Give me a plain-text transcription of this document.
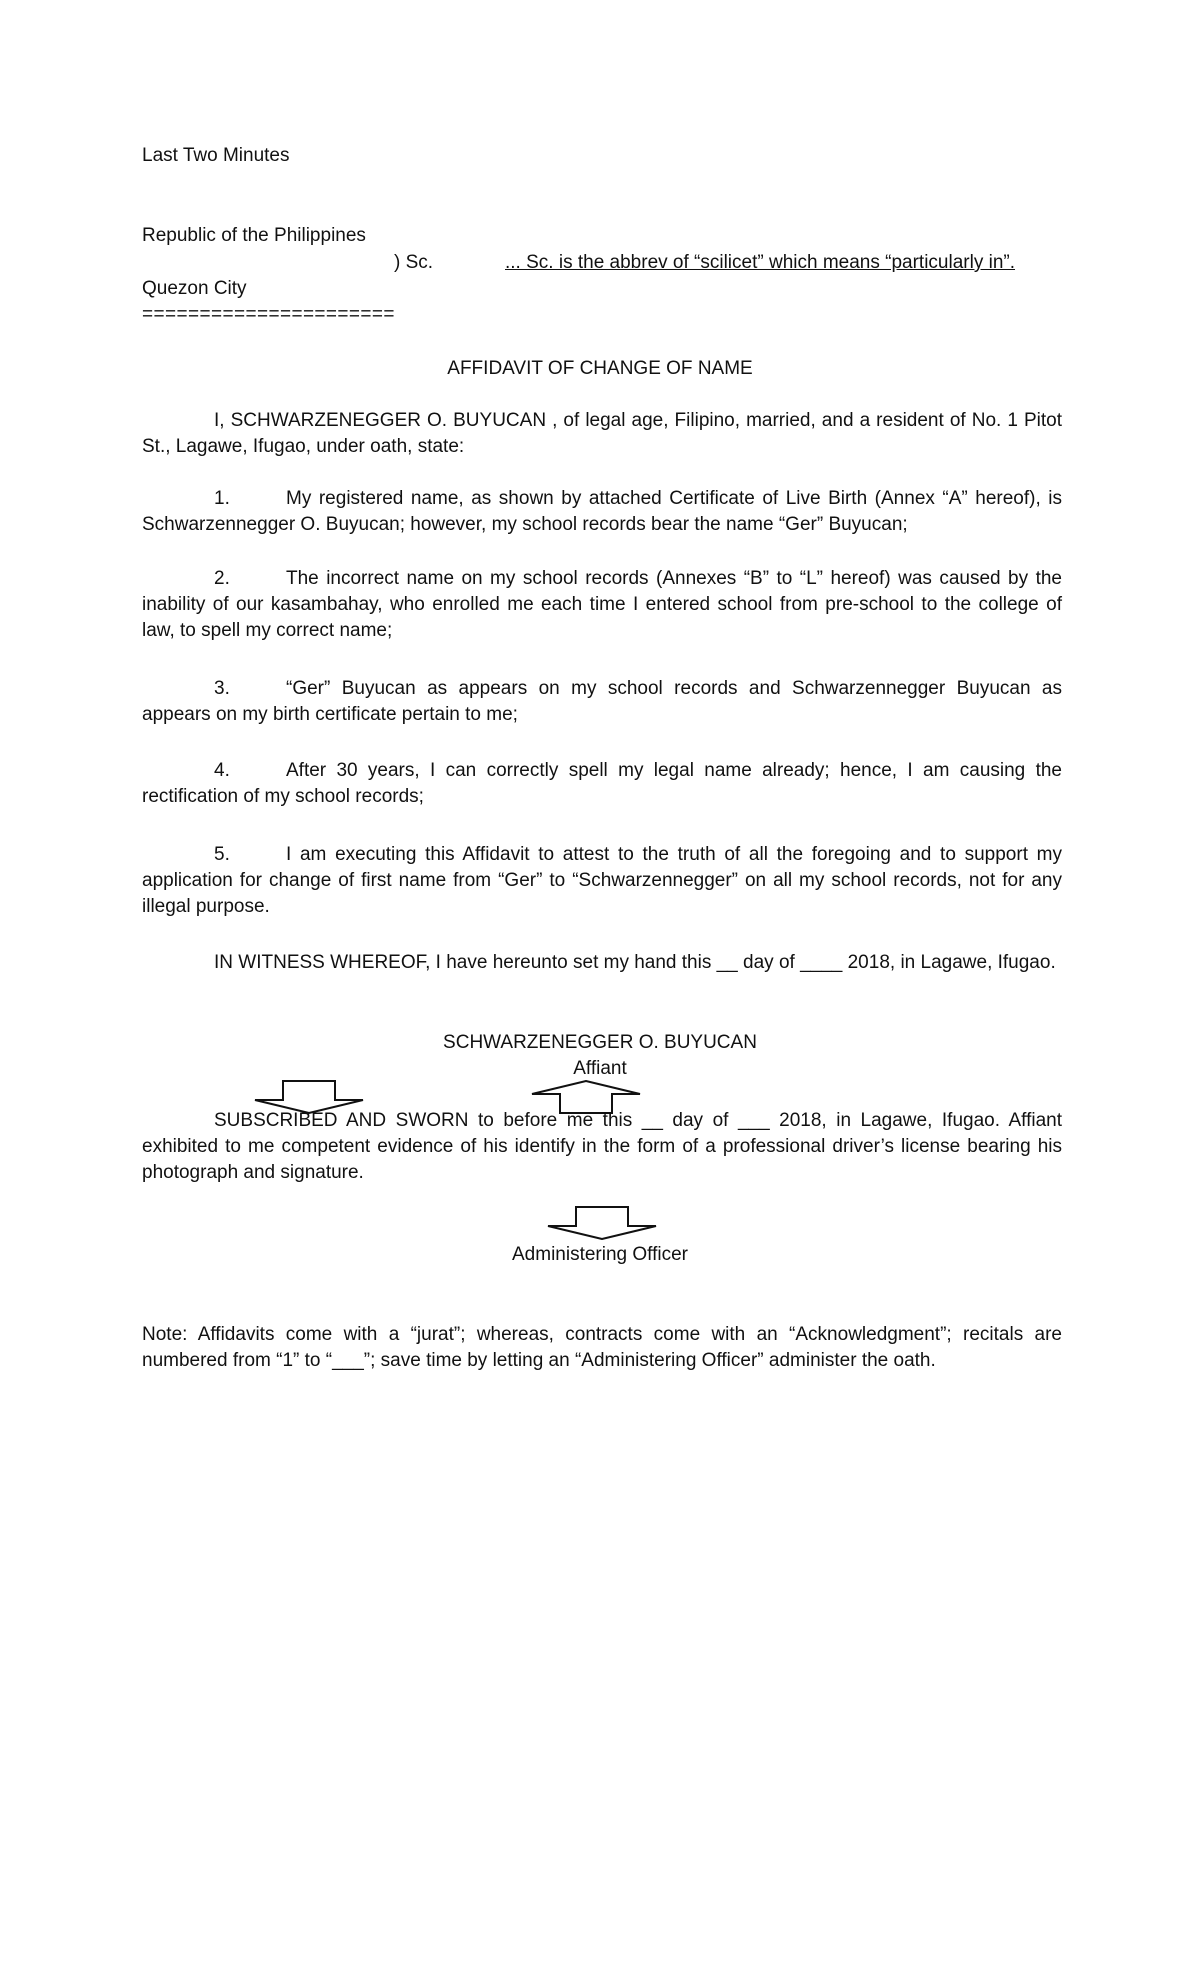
Last Two Minutes
Republic of the Philippines
) Sc.	... Sc. is the abbrev of “scilicet” which means “particularly in”.
Quezon City
======================
AFFIDAVIT OF CHANGE OF NAME
I, SCHWARZENEGGER O. BUYUCAN , of legal age, Filipino, married, and a resident of No. 1 Pitot St., Lagawe, Ifugao, under oath, state:
1.	My registered name, as shown by attached Certificate of Live Birth (Annex “A” hereof), is Schwarzennegger O. Buyucan; however, my school records bear the name “Ger” Buyucan;
2.	The incorrect name on my school records (Annexes “B” to “L” hereof) was caused by the inability of our kasambahay, who enrolled me each time I entered school from pre-school to the college of law, to spell my correct name;
3.	“Ger” Buyucan as appears on my school records and Schwarzennegger Buyucan as appears on my birth certificate pertain to me;
4.	After 30 years, I can correctly spell my legal name already; hence, I am causing the rectification of my school records;
5.	I am executing this Affidavit to attest to the truth of all the foregoing and to support my application for change of first name from “Ger” to “Schwarzennegger” on all my school records, not for any illegal purpose.
IN WITNESS WHEREOF, I have hereunto set my hand this __ day of ____ 2018, in Lagawe, Ifugao.
SCHWARZENEGGER O. BUYUCAN
Affiant
SUBSCRIBED AND SWORN to before me this __ day of ___ 2018, in Lagawe, Ifugao. Affiant exhibited to me competent evidence of his identify in the form of a professional driver’s license bearing his photograph and signature.
Administering Officer
Note: Affidavits come with a “jurat”; whereas, contracts come with an “Acknowledgment”; recitals are numbered from “1” to “___”; save time by letting an “Administering Officer” administer the oath.
